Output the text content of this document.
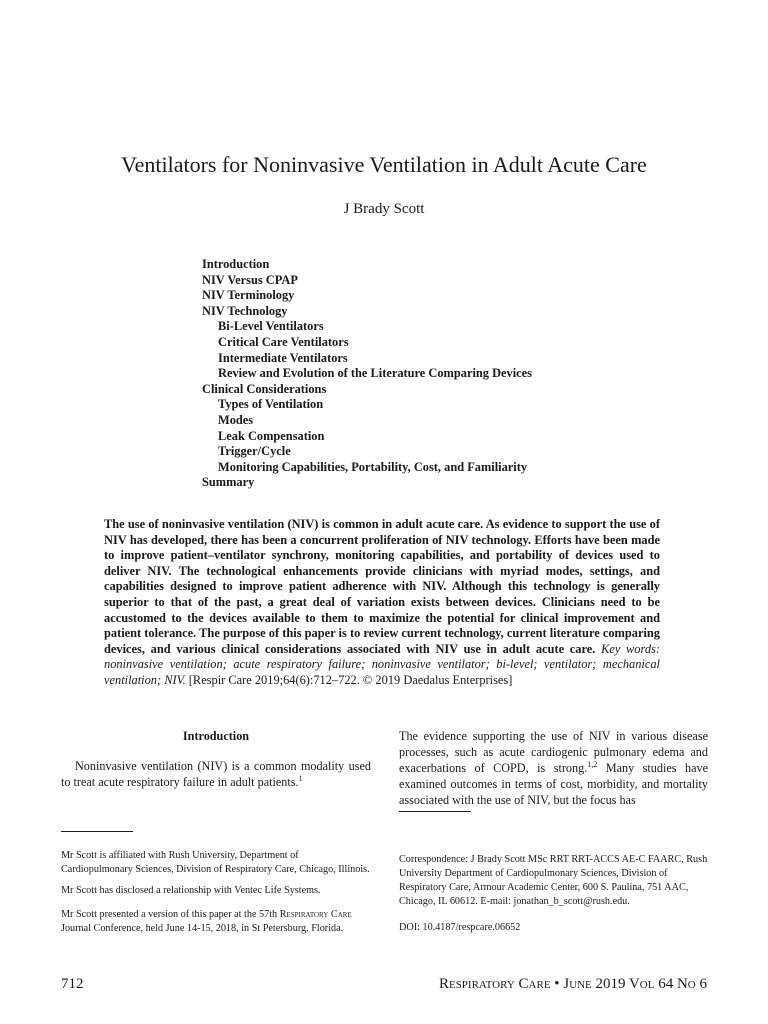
Ventilators for Noninvasive Ventilation in Adult Acute Care
J Brady Scott
Introduction
NIV Versus CPAP
NIV Terminology
NIV Technology
Bi-Level Ventilators
Critical Care Ventilators
Intermediate Ventilators
Review and Evolution of the Literature Comparing Devices
Clinical Considerations
Types of Ventilation
Modes
Leak Compensation
Trigger/Cycle
Monitoring Capabilities, Portability, Cost, and Familiarity
Summary
The use of noninvasive ventilation (NIV) is common in adult acute care. As evidence to support the use of NIV has developed, there has been a concurrent proliferation of NIV technology. Efforts have been made to improve patient–ventilator synchrony, monitoring capabilities, and portability of devices used to deliver NIV. The technological enhancements provide clinicians with myriad modes, settings, and capabilities designed to improve patient adherence with NIV. Although this technology is generally superior to that of the past, a great deal of variation exists between devices. Clinicians need to be accustomed to the devices available to them to maximize the potential for clinical improvement and patient tolerance. The purpose of this paper is to review current technology, current literature comparing devices, and various clinical considerations associated with NIV use in adult acute care. Key words: noninvasive ventilation; acute respiratory failure; noninvasive ventilator; bi-level; ventilator; mechanical ventilation; NIV. [Respir Care 2019;64(6):712–722. © 2019 Daedalus Enterprises]
Introduction
Noninvasive ventilation (NIV) is a common modality used to treat acute respiratory failure in adult patients.$^1$
The evidence supporting the use of NIV in various disease processes, such as acute cardiogenic pulmonary edema and exacerbations of COPD, is strong.$^{1,2}$ Many studies have examined outcomes in terms of cost, morbidity, and mortality associated with the use of NIV, but the focus has
Mr Scott is affiliated with Rush University, Department of Cardiopulmonary Sciences, Division of Respiratory Care, Chicago, Illinois.
Mr Scott has disclosed a relationship with Ventec Life Systems.
Mr Scott presented a version of this paper at the 57th Respiratory Care Journal Conference, held June 14-15, 2018, in St Petersburg, Florida.
Correspondence: J Brady Scott MSc RRT RRT-ACCS AE-C FAARC, Rush University Department of Cardiopulmonary Sciences, Division of Respiratory Care, Armour Academic Center, 600 S. Paulina, 751 AAC, Chicago, IL 60612. E-mail: jonathan_b_scott@rush.edu.
DOI: 10.4187/respcare.06652
712	Respiratory Care • June 2019 Vol 64 No 6
